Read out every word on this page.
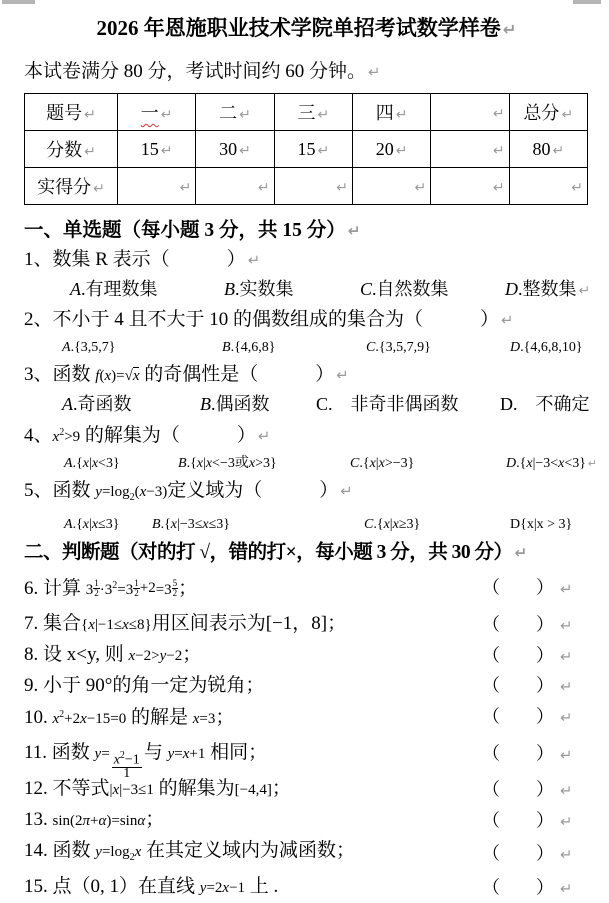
2026 年恩施职业技术学院单招考试数学样卷 ↵
本试卷满分 80 分，考试时间约 60 分钟。 ↵
题号 ↵	一 ↵	二 ↵	三 ↵	四 ↵	↵	总分 ↵
分数 ↵	15 ↵	30 ↵	15 ↵	20 ↵	↵	80 ↵
实得分 ↵	↵	↵	↵	↵	↵	↵
一、单选题（每小题 3 分，共 15 分） ↵
1、数集 R 表示（　　　） ↵
A.有理数集	B.实数集	C.自然数集	D.整数集 ↵
2、不小于 4 且不大于 10 的偶数组成的集合为（　　　） ↵
A.{3,5,7}	B.{4,6,8}	C.{3,5,7,9}	D.{4,6,8,10}
3、函数 f(x)=√x 的奇偶性是（　　　） ↵
A.奇函数	B.偶函数	C.　非奇非偶函数	D.　不确定
4、$x^2>9$ 的解集为（　　　） ↵
A.{x|x<3}	B.{x|x<−3或x>3}	C.{x|x>−3}	D.{x|−3<x<3} ↵
5、函数 $y=\log_2(x-3)$定义域为（　　　） ↵
A.{x|x≤3}	B.{x|−3≤x≤3}	C.{x|x≥3}	D{x|x > 3}
二、判断题（对的打 √，错的打×，每小题 3 分，共 30 分） ↵
6. 计算 3 1
$2 \cdot 3^2=3$ 1
2 +2=3 5
2 ；	（　　） ↵
7. 集合{x|−1≤x≤8}用区间表示为[−1，8]；	（　　） ↵
8. 设 x<y, 则 x−2>y−2；	（　　） ↵
9. 小于 90°的角一定为锐角；	（　　） ↵
10. $x^2+2x-15=0$ 的解是 x=3；	（　　） ↵
11. 函数 $y= \frac{x^2-1}{1}$ 与 y=x+1 相同；	（　　） ↵
12. 不等式|x|−3≤1 的解集为[−4,4]；	（　　） ↵
13. sin(2π+α)=sinα；	（　　） ↵
14. 函数 $y=\log_2x$ 在其定义域内为减函数；	（　　） ↵
15. 点（0, 1）在直线 y=2x−1 上 .	（　　） ↵
